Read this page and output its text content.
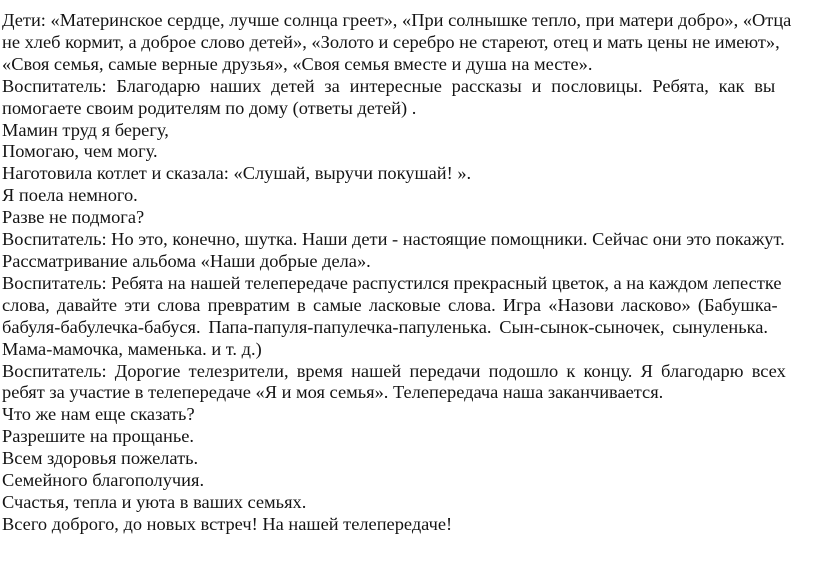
Дети: «Материнское сердце, лучше солнца греет», «При солнышке тепло, при матери добро», «Отца
не хлеб кормит, а доброе слово детей», «Золото и серебро не стареют, отец и мать цены не имеют»,
«Своя семья, самые верные друзья», «Своя семья вместе и душа на месте».
Воспитатель: Благодарю наших детей за интересные рассказы и пословицы. Ребята, как вы
помогаете своим родителям по дому (ответы детей) .
Мамин труд я берегу,
Помогаю, чем могу.
Наготовила котлет и сказала: «Слушай, выручи покушай! ».
Я поела немного.
Разве не подмога?
Воспитатель: Но это, конечно, шутка. Наши дети - настоящие помощники. Сейчас они это покажут.
Рассматривание альбома «Наши добрые дела».
Воспитатель: Ребята на нашей телепередаче распустился прекрасный цветок, а на каждом лепестке
слова, давайте эти слова превратим в самые ласковые слова. Игра «Назови ласково» (Бабушка-
бабуля-бабулечка-бабуся. Папа-папуля-папулечка-папуленька. Сын-сынок-сыночек, сынуленька.
Мама-мамочка, маменька. и т. д.)
Воспитатель: Дорогие телезрители, время нашей передачи подошло к концу. Я благодарю всех
ребят за участие в телепередаче «Я и моя семья». Телепередача наша заканчивается.
Что же нам еще сказать?
Разрешите на прощанье.
Всем здоровья пожелать.
Семейного благополучия.
Счастья, тепла и уюта в ваших семьях.
Всего доброго, до новых встреч! На нашей телепередаче!
